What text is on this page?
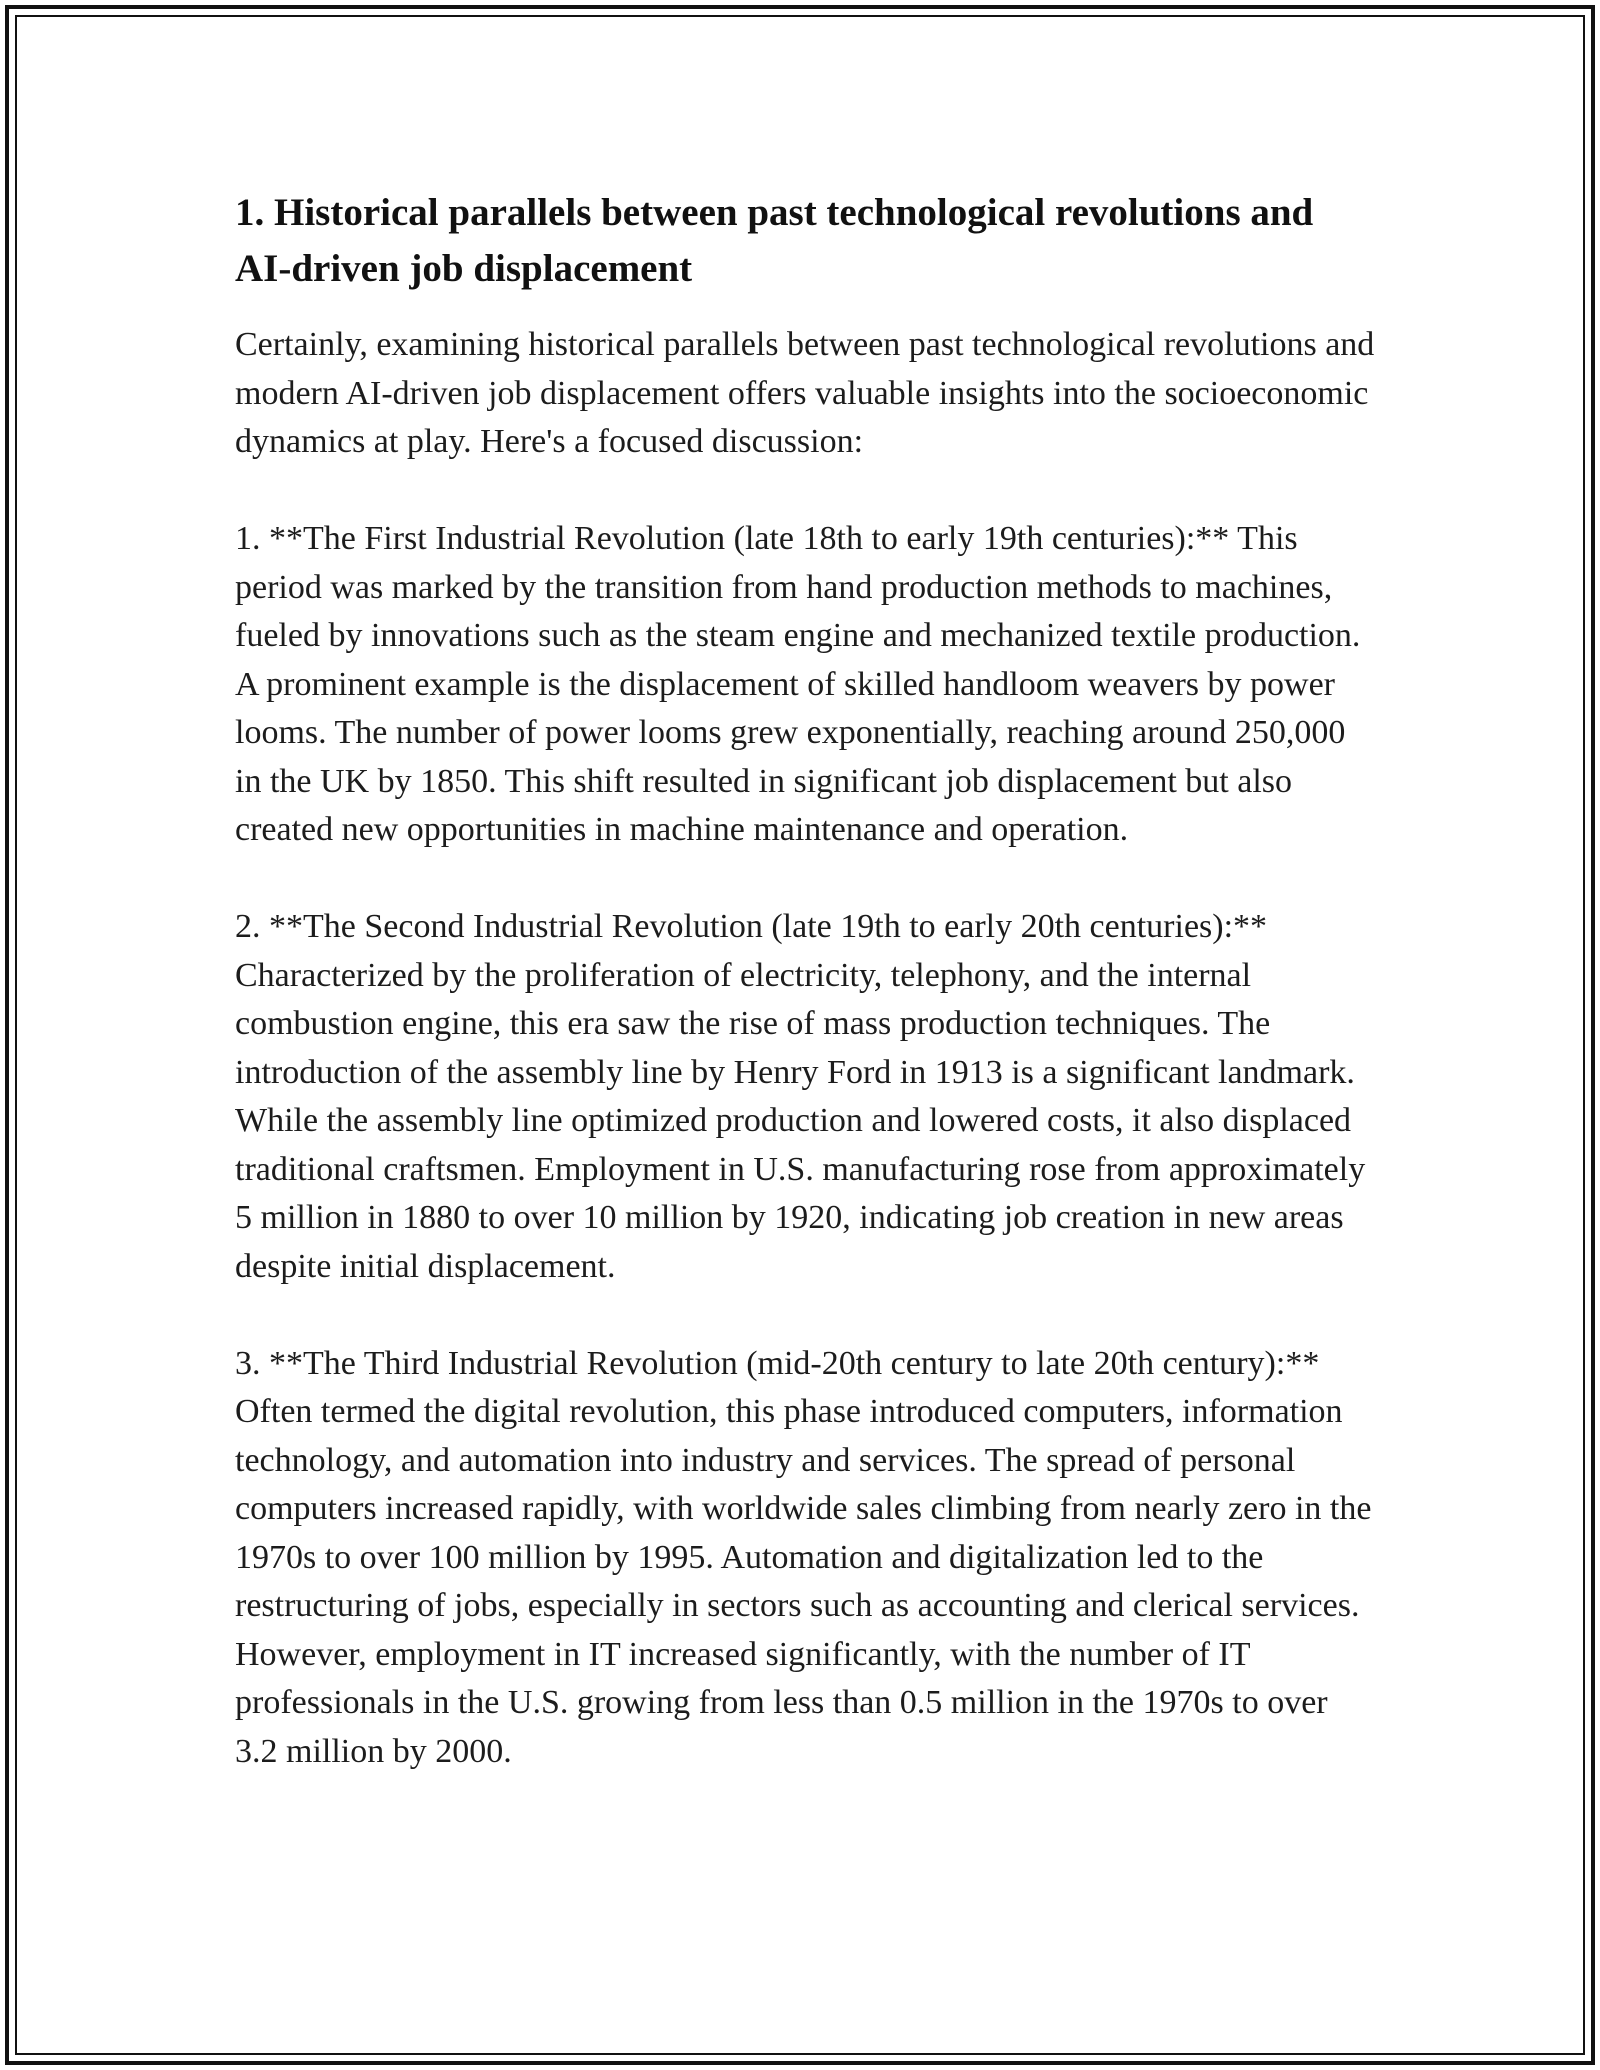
1. Historical parallels between past technological revolutions and AI-driven job displacement

Certainly, examining historical parallels between past technological revolutions and modern AI-driven job displacement offers valuable insights into the socioeconomic dynamics at play. Here's a focused discussion:

1. **The First Industrial Revolution (late 18th to early 19th centuries):** This period was marked by the transition from hand production methods to machines, fueled by innovations such as the steam engine and mechanized textile production. A prominent example is the displacement of skilled handloom weavers by power looms. The number of power looms grew exponentially, reaching around 250,000 in the UK by 1850. This shift resulted in significant job displacement but also created new opportunities in machine maintenance and operation.

2. **The Second Industrial Revolution (late 19th to early 20th centuries):** Characterized by the proliferation of electricity, telephony, and the internal combustion engine, this era saw the rise of mass production techniques. The introduction of the assembly line by Henry Ford in 1913 is a significant landmark. While the assembly line optimized production and lowered costs, it also displaced traditional craftsmen. Employment in U.S. manufacturing rose from approximately 5 million in 1880 to over 10 million by 1920, indicating job creation in new areas despite initial displacement.

3. **The Third Industrial Revolution (mid-20th century to late 20th century):** Often termed the digital revolution, this phase introduced computers, information technology, and automation into industry and services. The spread of personal computers increased rapidly, with worldwide sales climbing from nearly zero in the 1970s to over 100 million by 1995. Automation and digitalization led to the restructuring of jobs, especially in sectors such as accounting and clerical services. However, employment in IT increased significantly, with the number of IT professionals in the U.S. growing from less than 0.5 million in the 1970s to over 3.2 million by 2000.
